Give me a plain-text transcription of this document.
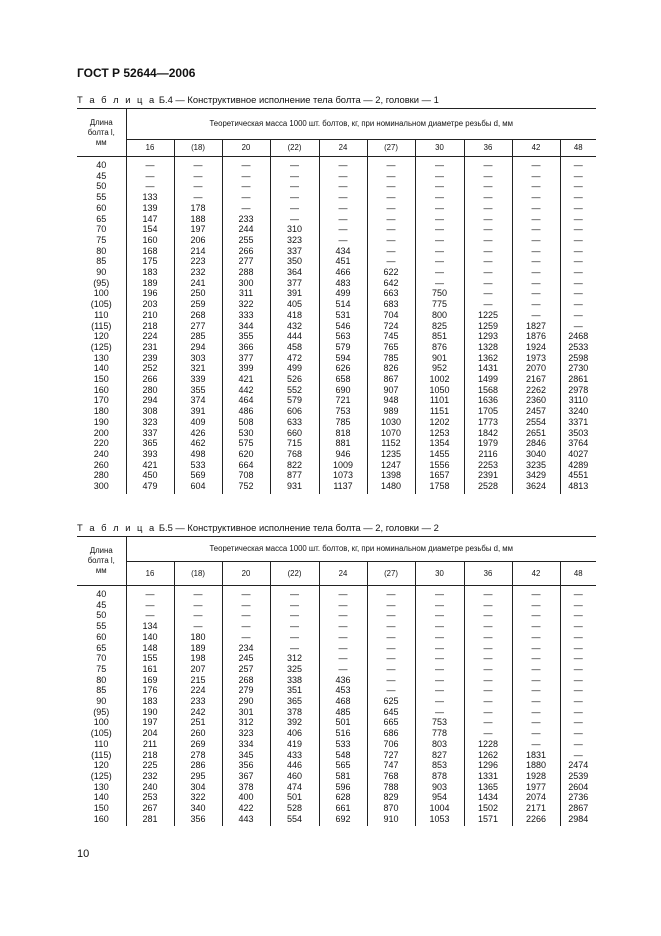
ГОСТ Р 52644—2006
Т а б л и ц а Б.4 — Конструктивное исполнение тела болта — 2, головки — 1
Длина
болта l,
мм	Теоретическая масса 1000 шт. болтов, кг, при номинальном диаметре резьбы d, мм									
	16	(18)	20	(22)	24	(27)	30	36	42	48
40	—	—	—	—	—	—	—	—	—	—
45	—	—	—	—	—	—	—	—	—	—
50	—	—	—	—	—	—	—	—	—	—
55	133	—	—	—	—	—	—	—	—	—
60	139	178	—	—	—	—	—	—	—	—
65	147	188	233	—	—	—	—	—	—	—
70	154	197	244	310	—	—	—	—	—	—
75	160	206	255	323	—	—	—	—	—	—
80	168	214	266	337	434	—	—	—	—	—
85	175	223	277	350	451	—	—	—	—	—
90	183	232	288	364	466	622	—	—	—	—
(95)	189	241	300	377	483	642	—	—	—	—
100	196	250	311	391	499	663	750	—	—	—
(105)	203	259	322	405	514	683	775	—	—	—
110	210	268	333	418	531	704	800	1225	—	—
(115)	218	277	344	432	546	724	825	1259	1827	—
120	224	285	355	444	563	745	851	1293	1876	2468
(125)	231	294	366	458	579	765	876	1328	1924	2533
130	239	303	377	472	594	785	901	1362	1973	2598
140	252	321	399	499	626	826	952	1431	2070	2730
150	266	339	421	526	658	867	1002	1499	2167	2861
160	280	355	442	552	690	907	1050	1568	2262	2978
170	294	374	464	579	721	948	1101	1636	2360	3110
180	308	391	486	606	753	989	1151	1705	2457	3240
190	323	409	508	633	785	1030	1202	1773	2554	3371
200	337	426	530	660	818	1070	1253	1842	2651	3503
220	365	462	575	715	881	1152	1354	1979	2846	3764
240	393	498	620	768	946	1235	1455	2116	3040	4027
260	421	533	664	822	1009	1247	1556	2253	3235	4289
280	450	569	708	877	1073	1398	1657	2391	3429	4551
300	479	604	752	931	1137	1480	1758	2528	3624	4813
Т а б л и ц а Б.5 — Конструктивное исполнение тела болта — 2, головки — 2
Длина
болта l,
мм	Теоретическая масса 1000 шт. болтов, кг, при номинальном диаметре резьбы d, мм									
	16	(18)	20	(22)	24	(27)	30	36	42	48
40	—	—	—	—	—	—	—	—	—	—
45	—	—	—	—	—	—	—	—	—	—
50	—	—	—	—	—	—	—	—	—	—
55	134	—	—	—	—	—	—	—	—	—
60	140	180	—	—	—	—	—	—	—	—
65	148	189	234	—	—	—	—	—	—	—
70	155	198	245	312	—	—	—	—	—	—
75	161	207	257	325	—	—	—	—	—	—
80	169	215	268	338	436	—	—	—	—	—
85	176	224	279	351	453	—	—	—	—	—
90	183	233	290	365	468	625	—	—	—	—
(95)	190	242	301	378	485	645	—	—	—	—
100	197	251	312	392	501	665	753	—	—	—
(105)	204	260	323	406	516	686	778	—	—	—
110	211	269	334	419	533	706	803	1228	—	—
(115)	218	278	345	433	548	727	827	1262	1831	—
120	225	286	356	446	565	747	853	1296	1880	2474
(125)	232	295	367	460	581	768	878	1331	1928	2539
130	240	304	378	474	596	788	903	1365	1977	2604
140	253	322	400	501	628	829	954	1434	2074	2736
150	267	340	422	528	661	870	1004	1502	2171	2867
160	281	356	443	554	692	910	1053	1571	2266	2984
10
